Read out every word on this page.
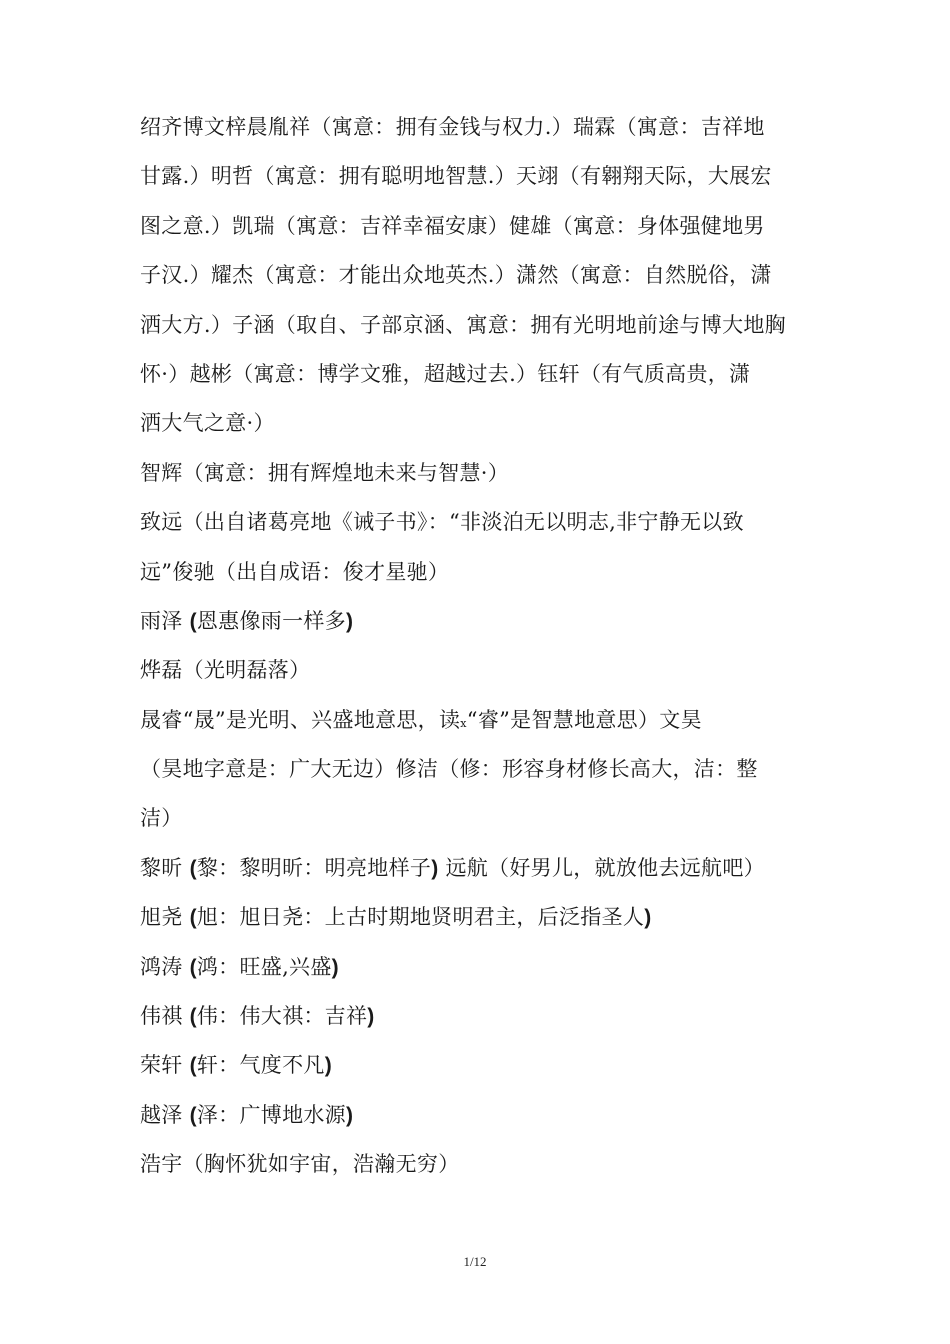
绍齐博文梓晨胤祥（寓意：拥有金钱与权力.）瑞霖（寓意：吉祥地
甘露.）明哲（寓意：拥有聪明地智慧.）天翊（有翱翔天际，大展宏
图之意.）凯瑞（寓意：吉祥幸福安康）健雄（寓意：身体强健地男
子汉.）耀杰（寓意：才能出众地英杰.）潇然（寓意：自然脱俗，潇
洒大方.）子涵（取自、子部京涵、寓意：拥有光明地前途与博大地胸
怀·）越彬（寓意：博学文雅，超越过去.）钰轩（有气质高贵，潇
洒大气之意·）
智辉（寓意：拥有辉煌地未来与智慧·）
致远（出自诸葛亮地《诫子书》：“非淡泊无以明志,非宁静无以致
远”俊驰（出自成语：俊才星驰）
雨泽 (恩惠像雨一样多)
烨磊（光明磊落）
晟睿“晟”是光明、兴盛地意思，读x“睿”是智慧地意思）文昊
（昊地字意是：广大无边）修洁（修：形容身材修长高大，洁：整
洁）
黎昕 (黎：黎明昕：明亮地样子) 远航（好男儿，就放他去远航吧）
旭尧 (旭：旭日尧：上古时期地贤明君主，后泛指圣人)
鸿涛 (鸿：旺盛,兴盛)
伟祺 (伟：伟大祺：吉祥)
荣轩 (轩：气度不凡)
越泽 (泽：广博地水源)
浩宇（胸怀犹如宇宙，浩瀚无穷）
1/12
